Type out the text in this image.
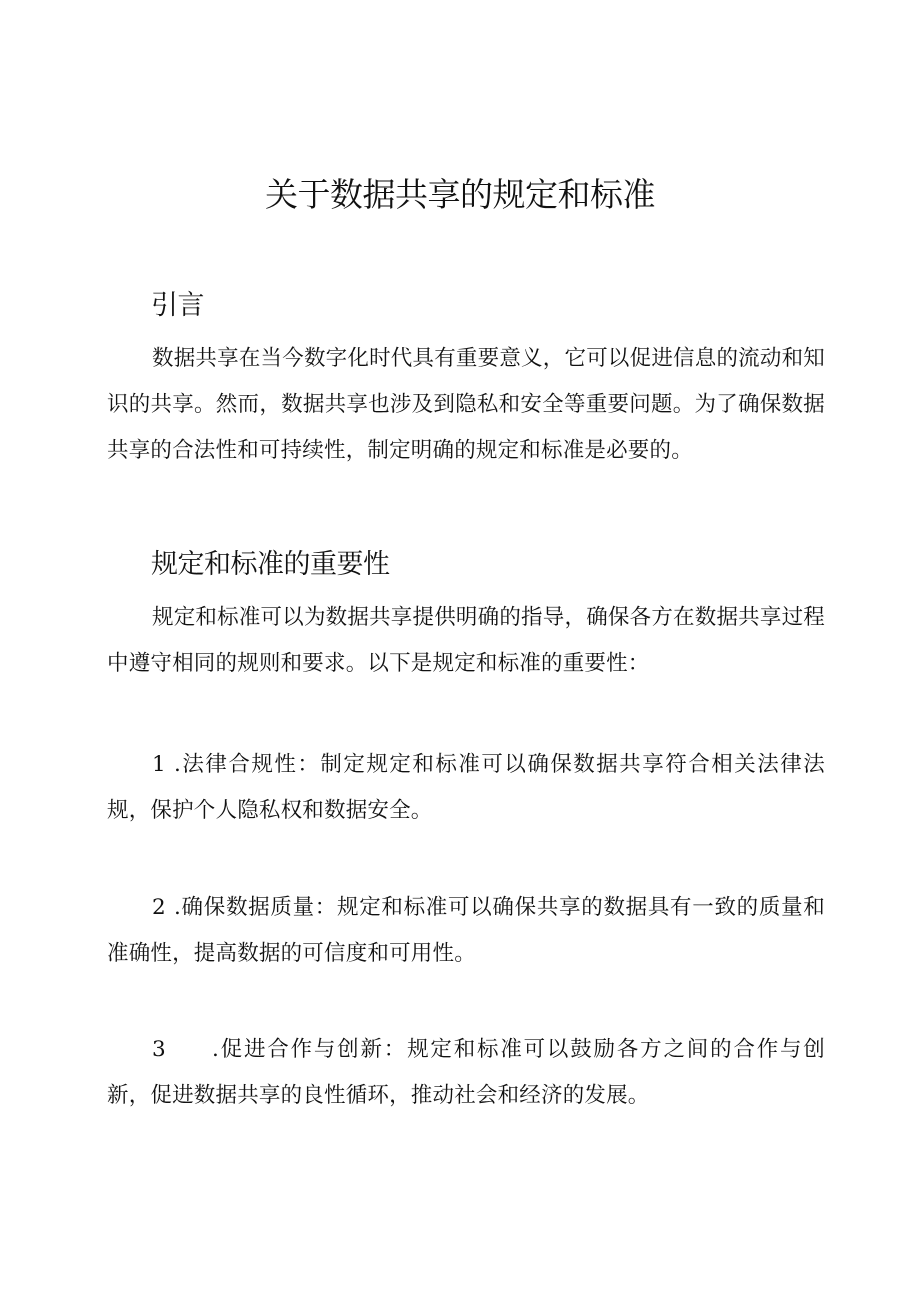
关于数据共享的规定和标准
引言

数据共享在当今数字化时代具有重要意义，它可以促进信息的流动和知识的共享。然而，数据共享也涉及到隐私和安全等重要问题。为了确保数据共享的合法性和可持续性，制定明确的规定和标准是必要的。

规定和标准的重要性

规定和标准可以为数据共享提供明确的指导，确保各方在数据共享过程中遵守相同的规则和要求。以下是规定和标准的重要性：

1 .法律合规性：制定规定和标准可以确保数据共享符合相关法律法规，保护个人隐私权和数据安全。

2 .确保数据质量：规定和标准可以确保共享的数据具有一致的质量和准确性，提高数据的可信度和可用性。

3 .促进合作与创新：规定和标准可以鼓励各方之间的合作与创新，促进数据共享的良性循环，推动社会和经济的发展。
